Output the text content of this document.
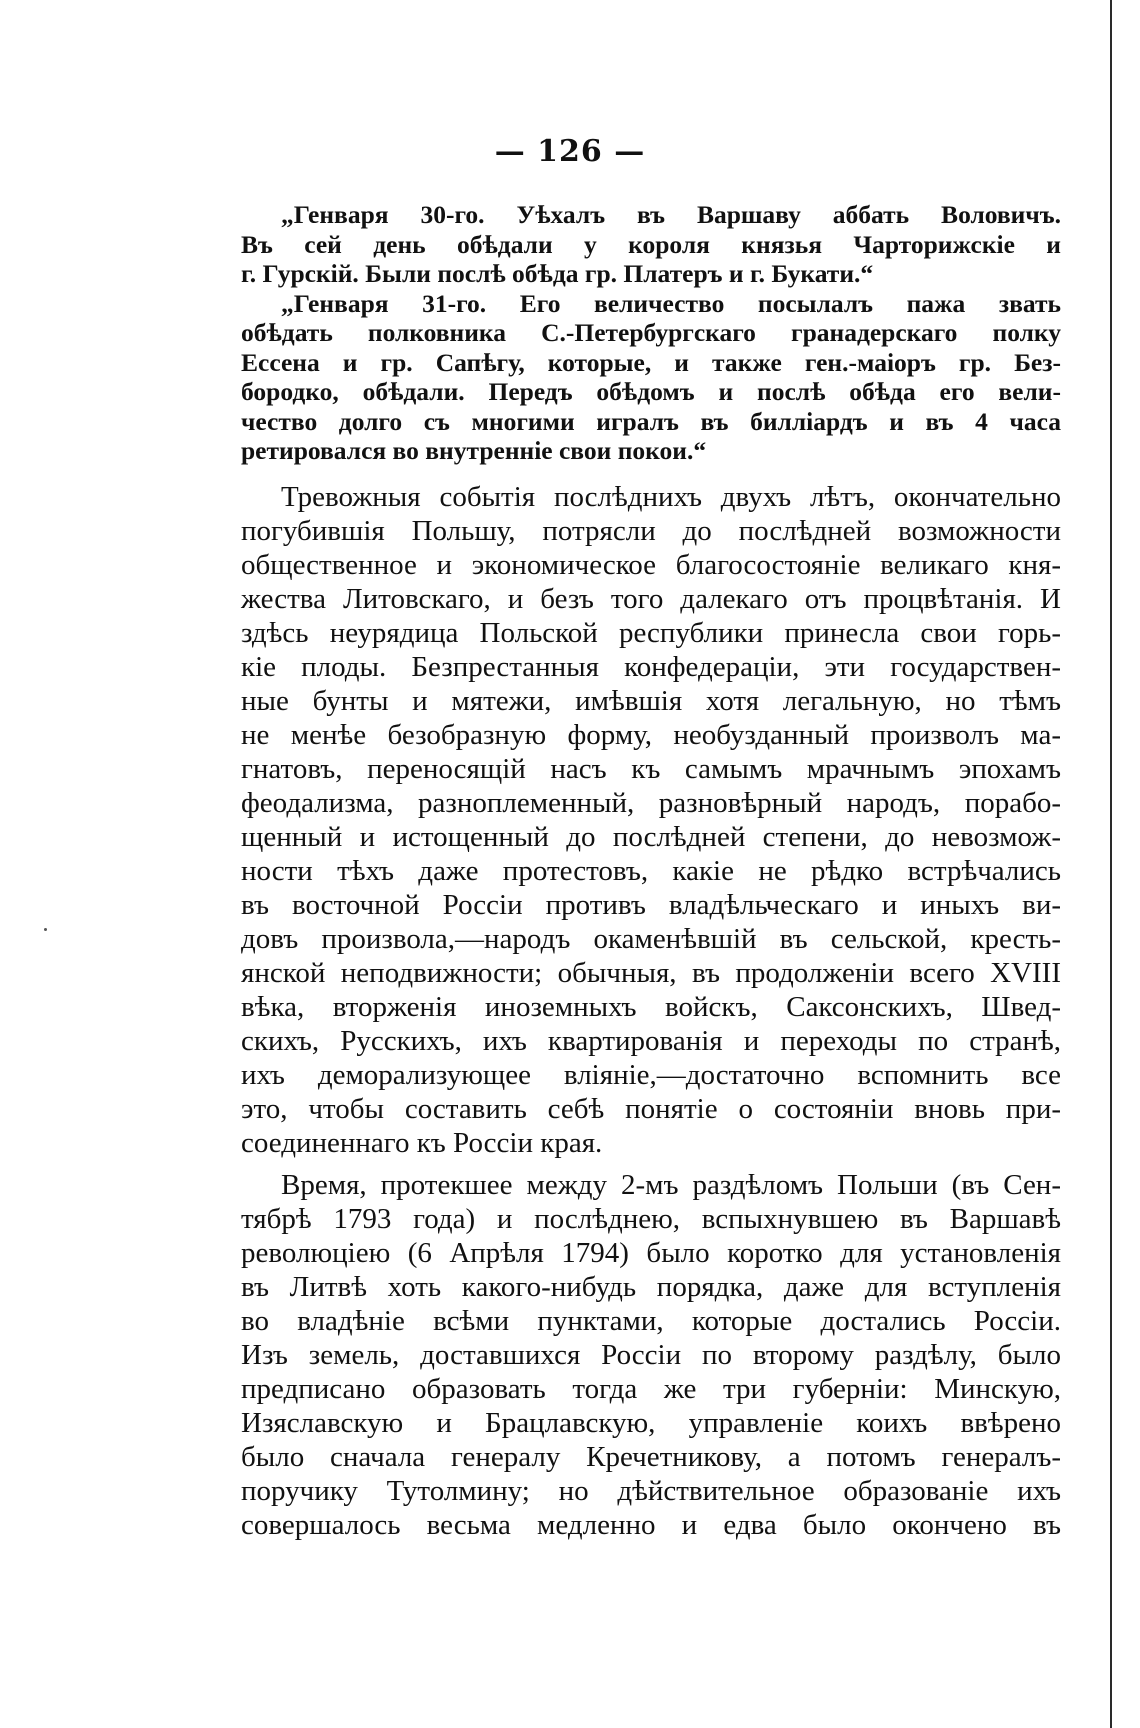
— 126 —
„Генваря 30-го. Уѣхалъ въ Варшаву аббать Воловичъ.
Въ сей день обѣдали у короля князья Чарторижскіе и
г. Гурскій. Были послѣ обѣда гр. Платеръ и г. Букати.“
„Генваря 31-го. Его величество посылалъ пажа звать
обѣдать полковника С.-Петербургскаго гранадерскаго полку
Ессена и гр. Сапѣгу, которые, и также ген.-маіоръ гр. Без-
бородко, обѣдали. Передъ обѣдомъ и послѣ обѣда его вели-
чество долго съ многими игралъ въ билліардъ и въ 4 часа
ретировался во внутренніе свои покои.“
Тревожныя событія послѣднихъ двухъ лѣтъ, окончательно
погубившія Польшу, потрясли до послѣдней возможности
общественное и экономическое благосостояніе великаго кня-
жества Литовскаго, и безъ того далекаго отъ процвѣтанія. И
здѣсь неурядица Польской республики принесла свои горь-
кіе плоды. Безпрестанныя конфедераціи, эти государствен-
ные бунты и мятежи, имѣвшія хотя легальную, но тѣмъ
не менѣе безобразную форму, необузданный произволъ ма-
гнатовъ, переносящій насъ къ самымъ мрачнымъ эпохамъ
феодализма, разноплеменный, разновѣрный народъ, порабо-
щенный и истощенный до послѣдней степени, до невозмож-
ности тѣхъ даже протестовъ, какіе не рѣдко встрѣчались
въ восточной Россіи противъ владѣльческаго и иныхъ ви-
довъ произвола,—народъ окаменѣвшій въ сельской, кресть-
янской неподвижности; обычныя, въ продолженіи всего XVIII
вѣка, вторженія иноземныхъ войскъ, Саксонскихъ, Швед-
скихъ, Русскихъ, ихъ квартированія и переходы по странѣ,
ихъ деморализующее вліяніе,—достаточно вспомнить все
это, чтобы составить себѣ понятіе о состояніи вновь при-
соединеннаго къ Россіи края.
Время, протекшее между 2-мъ раздѣломъ Польши (въ Сен-
тябрѣ 1793 года) и послѣднею, вспыхнувшею въ Варшавѣ
революціею (6 Апрѣля 1794) было коротко для установленія
въ Литвѣ хоть какого-нибудь порядка, даже для вступленія
во владѣніе всѣми пунктами, которые достались Россіи.
Изъ земель, доставшихся Россіи по второму раздѣлу, было
предписано образовать тогда же три губерніи: Минскую,
Изяславскую и Брацлавскую, управленіе коихъ ввѣрено
было сначала генералу Кречетникову, а потомъ генералъ-
поручику Тутолмину; но дѣйствительное образованіе ихъ
совершалось весьма медленно и едва было окончено въ
